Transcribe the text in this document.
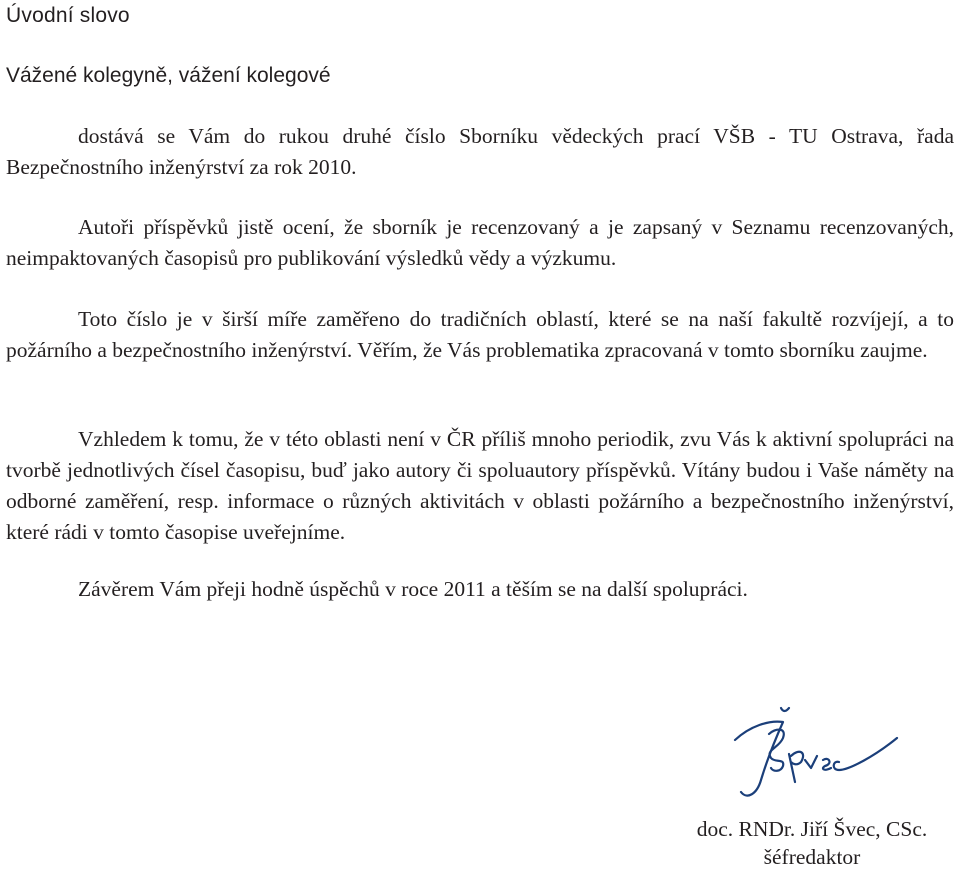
Úvodní slovo

Vážené kolegyně, vážení kolegové

dostává se Vám do rukou druhé číslo Sborníku vědeckých prací VŠB - TU Ostrava, řada Bezpečnostního inženýrství za rok 2010.

Autoři příspěvků jistě ocení, že sborník je recenzovaný a je zapsaný v Seznamu recenzovaných, neimpaktovaných časopisů pro publikování výsledků vědy a výzkumu.

Toto číslo je v širší míře zaměřeno do tradičních oblastí, které se na naší fakultě rozvíjejí, a to požárního a bezpečnostního inženýrství. Věřím, že Vás problematika zpracovaná v tomto sborníku zaujme.

Vzhledem k tomu, že v této oblasti není v ČR příliš mnoho periodik, zvu Vás k aktivní spolupráci na tvorbě jednotlivých čísel časopisu, buď jako autory či spoluautory příspěvků. Vítány budou i Vaše náměty na odborné zaměření, resp. informace o různých aktivitách v oblasti požárního a bezpečnostního inženýrství, které rádi v tomto časopise uveřejníme.

Závěrem Vám přeji hodně úspěchů v roce 2011 a těším se na další spolupráci.

doc. RNDr. Jiří Švec, CSc.
šéfredaktor
